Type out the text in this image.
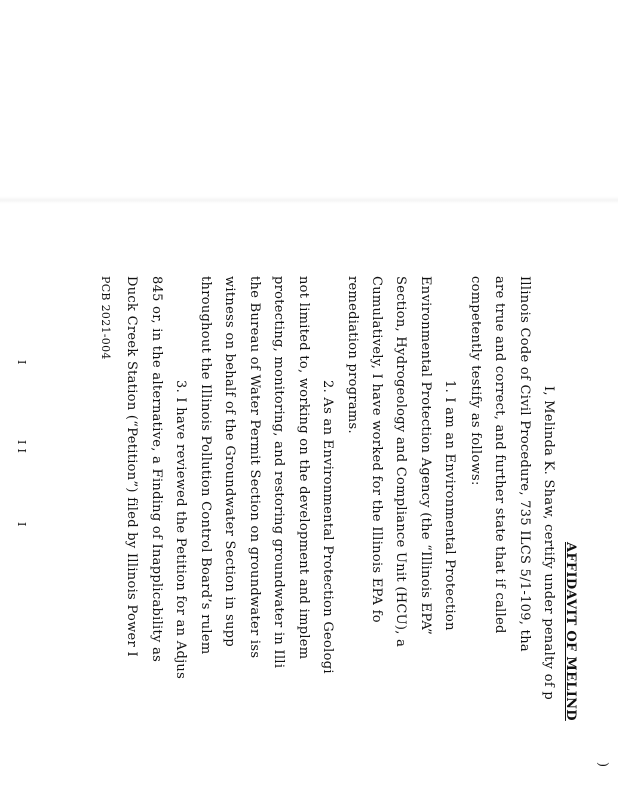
)
I
I I
I
AFFIDAVIT OF MELIND
I, Melinda K. Shaw, certify under penalty of p
Illinois Code of Civil Procedure, 735 ILCS 5/1-109, tha
are true and correct, and further state that if called
competently testify as follows:
1. I am an Environmental Protection
Environmental Protection Agency (the “Illinois EPA”
Section, Hydrogeology and Compliance Unit (HCU), a
Cumulatively, I have worked for the Illinois EPA fo
remediation programs.
2. As an Environmental Protection Geologi
not limited to, working on the development and implem
protecting, monitoring, and restoring groundwater in Illi
the Bureau of Water Permit Section on groundwater iss
witness on behalf of the Groundwater Section in supp
throughout the Illinois Pollution Control Board’s rulem
3. I have reviewed the Petition for an Adjus
845 or, in the alternative, a Finding of Inapplicability as
Duck Creek Station (“Petition”) filed by Illinois Power I
PCB 2021-004
